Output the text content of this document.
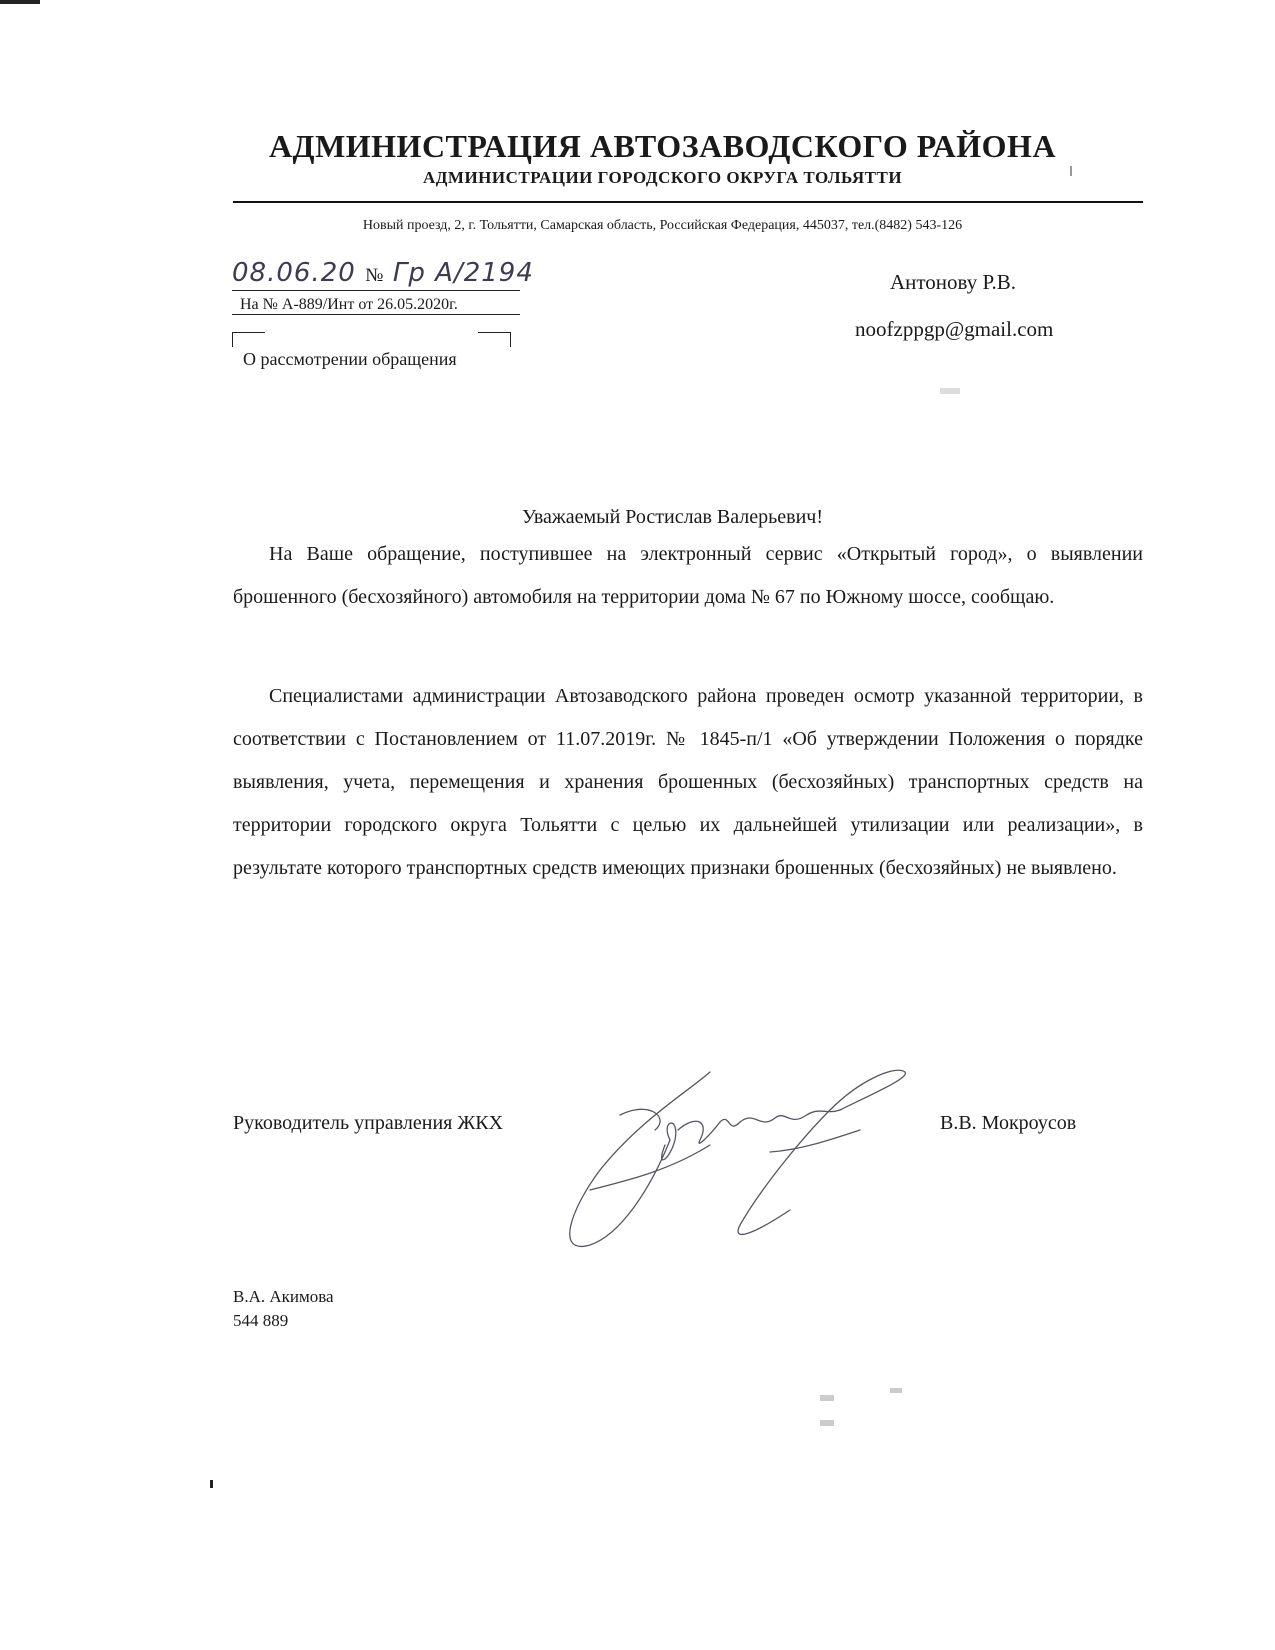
АДМИНИСТРАЦИЯ АВТОЗАВОДСКОГО РАЙОНА
АДМИНИСТРАЦИИ ГОРОДСКОГО ОКРУГА ТОЛЬЯТТИ
Новый проезд, 2, г. Тольятти, Самарская область, Российская Федерация, 445037, тел.(8482) 543-126
08.06.20 № Гр А/2194
На № А-889/Инт от 26.05.2020г.
О рассмотрении обращения
Антонову Р.В.
noofzppgp@gmail.com
Уважаемый Ростислав Валерьевич!

На Ваше обращение, поступившее на электронный сервис «Открытый город», о выявлении брошенного (бесхозяйного) автомобиля на территории дома № 67 по Южному шоссе, сообщаю.

Специалистами администрации Автозаводского района проведен осмотр указанной территории, в соответствии с Постановлением от 11.07.2019г. № 1845-п/1 «Об утверждении Положения о порядке выявления, учета, перемещения и хранения брошенных (бесхозяйных) транспортных средств на территории городского округа Тольятти с целью их дальнейшей утилизации или реализации», в результате которого транспортных средств имеющих признаки брошенных (бесхозяйных) не выявлено.

Руководитель управления ЖКХ	В.В. Мокроусов
В.А. Акимова
544 889
